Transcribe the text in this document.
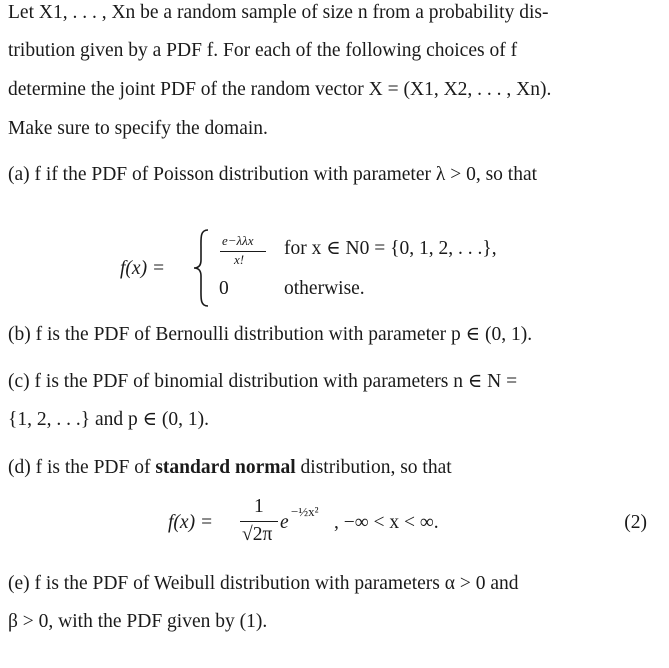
Let X1, . . . , Xn be a random sample of size n from a probability dis-
tribution given by a PDF f. For each of the following choices of f
determine the joint PDF of the random vector X = (X1, X2, . . . , Xn).
Make sure to specify the domain.
(a) f if the PDF of Poisson distribution with parameter λ > 0, so that
f(x) =
e−λλx
x!
for x ∈ N0 = {0, 1, 2, . . .},
0	otherwise.
(b) f is the PDF of Bernoulli distribution with parameter p ∈ (0, 1).
(c) f is the PDF of binomial distribution with parameters n ∈ N =
{1, 2, . . .} and p ∈ (0, 1).
(d) f is the PDF of standard normal distribution, so that
f(x) =
1
√2π
e
−½x²
, −∞ < x < ∞.	(2)
(e) f is the PDF of Weibull distribution with parameters α > 0 and
β > 0, with the PDF given by (1).
